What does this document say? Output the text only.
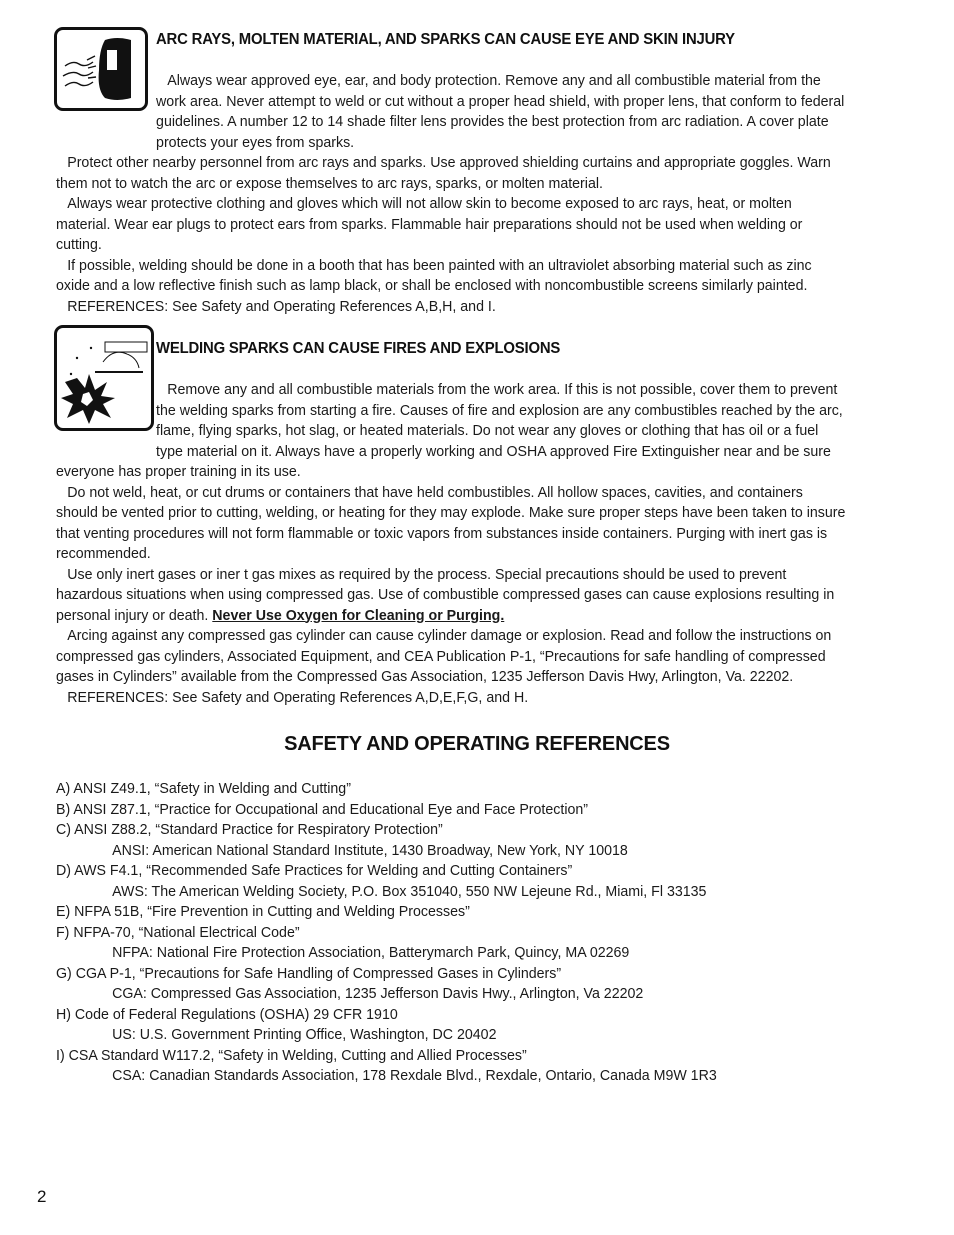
ARC RAYS, MOLTEN MATERIAL, AND SPARKS CAN CAUSE EYE AND SKIN INJURY

Always wear approved eye, ear, and body protection. Remove any and all combustible material from the work area. Never attempt to weld or cut without a proper head shield, with proper lens, that conform to federal guidelines. A number 12 to 14 shade filter lens provides the best protection from arc radiation. A cover plate protects your eyes from sparks.

Protect other nearby personnel from arc rays and sparks. Use approved shielding curtains and appropriate goggles. Warn them not to watch the arc or expose themselves to arc rays, sparks, or molten material.

Always wear protective clothing and gloves which will not allow skin to become exposed to arc rays, heat, or molten material. Wear ear plugs to protect ears from sparks. Flammable hair preparations should not be used when welding or cutting.

If possible, welding should be done in a booth that has been painted with an ultraviolet absorbing material such as zinc oxide and a low reflective finish such as lamp black, or shall be enclosed with noncombustible screens similarly painted.

REFERENCES: See Safety and Operating References A,B,H, and I.

WELDING SPARKS CAN CAUSE FIRES AND EXPLOSIONS

Remove any and all combustible materials from the work area. If this is not possible, cover them to prevent the welding sparks from starting a fire. Causes of fire and explosion are any combustibles reached by the arc, flame, flying sparks, hot slag, or heated materials. Do not wear any gloves or clothing that has oil or a fuel type material on it. Always have a properly working and OSHA approved Fire Extinguisher near and be sure everyone has proper training in its use.

Do not weld, heat, or cut drums or containers that have held combustibles. All hollow spaces, cavities, and containers should be vented prior to cutting, welding, or heating for they may explode. Make sure proper steps have been taken to insure that venting procedures will not form flammable or toxic vapors from substances inside containers. Purging with inert gas is recommended.

Use only inert gases or iner t gas mixes as required by the process. Special precautions should be used to prevent hazardous situations when using compressed gas. Use of combustible compressed gases can cause explosions resulting in personal injury or death. Never Use Oxygen for Cleaning or Purging.

Arcing against any compressed gas cylinder can cause cylinder damage or explosion. Read and follow the instructions on compressed gas cylinders, Associated Equipment, and CEA Publication P-1, “Precautions for safe handling of compressed gases in Cylinders” available from the Compressed Gas Association, 1235 Jefferson Davis Hwy, Arlington, Va. 22202.

REFERENCES: See Safety and Operating References A,D,E,F,G, and H.

SAFETY AND OPERATING REFERENCES
A) ANSI Z49.1, “Safety in Welding and Cutting”
B) ANSI Z87.1, “Practice for Occupational and Educational Eye and Face Protection”
C) ANSI Z88.2, “Standard Practice for Respiratory Protection”
ANSI: American National Standard Institute, 1430 Broadway, New York, NY 10018
D) AWS F4.1, “Recommended Safe Practices for Welding and Cutting Containers”
AWS: The American Welding Society, P.O. Box 351040, 550 NW Lejeune Rd., Miami, Fl 33135
E) NFPA 51B, “Fire Prevention in Cutting and Welding Processes”
F) NFPA-70, “National Electrical Code”
NFPA: National Fire Protection Association, Batterymarch Park, Quincy, MA 02269
G) CGA P-1, “Precautions for Safe Handling of Compressed Gases in Cylinders”
CGA: Compressed Gas Association, 1235 Jefferson Davis Hwy., Arlington, Va 22202
H) Code of Federal Regulations (OSHA) 29 CFR 1910
US: U.S. Government Printing Office, Washington, DC 20402
I) CSA Standard W117.2, “Safety in Welding, Cutting and Allied Processes”
CSA: Canadian Standards Association, 178 Rexdale Blvd., Rexdale, Ontario, Canada M9W 1R3
2
